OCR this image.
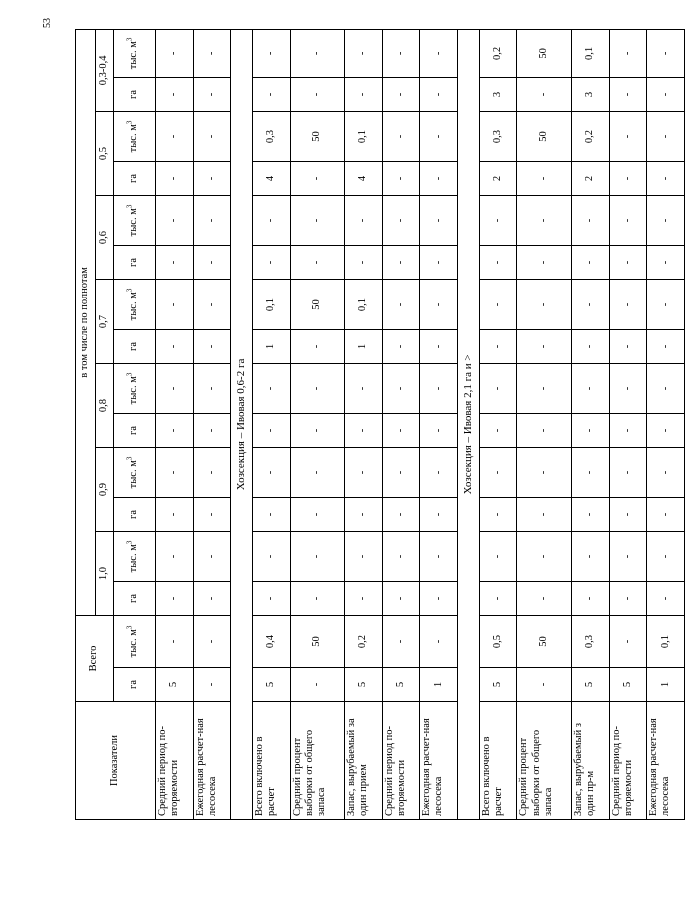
53
Показатели	Всего		в том числе по полнотам													
			1,0		0,9		0,8		0,7		0,6		0,5		0,3-0,4	
	га	тыс. $м^3$	га	тыс. $м^3$	га	тыс. $м^3$	га	тыс. $м^3$	га	тыс. $м^3$	га	тыс. $м^3$	га	тыс. $м^3$	га	тыс. $м^3$
Средний период по-вторяемости	5	-	-	-	-	-	-	-	-	-	-	-	-	-	-	-
Ежегодная расчет-ная лесосека	-	-	-	-	-	-	-	-	-	-	-	-	-	-	-	-
Хозсекция – Ивовая 0,6-2 га																
Всего включено в расчет	5	0,4	-	-	-	-	-	-	1	0,1	-	-	4	0,3	-	-
Средний процент выборки от общего запаса	-	50	-	-	-	-	-	-	-	50	-	-	-	50	-	-
Запас, вырубаемый за один прием	5	0,2	-	-	-	-	-	-	1	0,1	-	-	4	0,1	-	-
Средний период по-вторяемости	5	-	-	-	-	-	-	-	-	-	-	-	-	-	-	-
Ежегодная расчет-ная лесосека	1	-	-	-	-	-	-	-	-	-	-	-	-	-	-	-
Хозсекция – Ивовая 2,1 га и >																
Всего включено в расчет	5	0,5	-	-	-	-	-	-	-	-	-	-	2	0,3	3	0,2
Средний процент выборки от общего запаса	-	50	-	-	-	-	-	-	-	-	-	-	-	50	-	50
Запас, вырубаемый з один пр-м	5	0,3	-	-	-	-	-	-	-	-	-	-	2	0,2	3	0,1
Средний период по-вторяемости	5	-	-	-	-	-	-	-	-	-	-	-	-	-	-	-
Ежегодная расчет-ная лесосека	1	0,1	-	-	-	-	-	-	-	-	-	-	-	-	-	-
